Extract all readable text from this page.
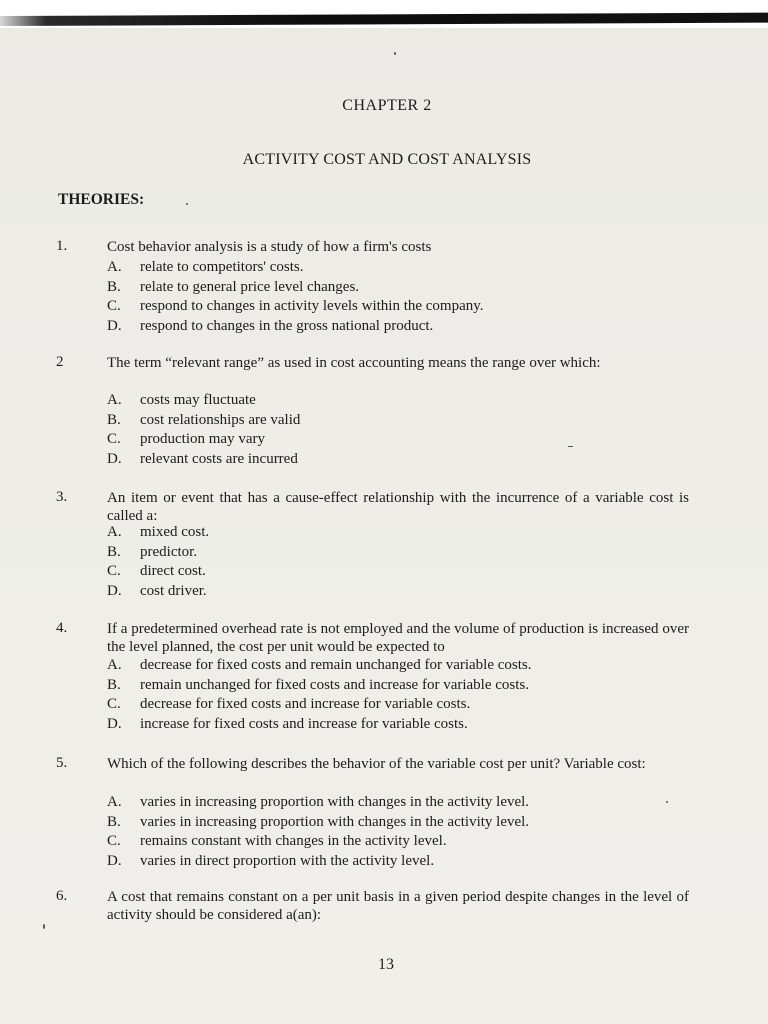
CHAPTER 2
ACTIVITY COST AND COST ANALYSIS
THEORIES:
1.	Cost behavior analysis is a study of how a firm's costs
A.	relate to competitors' costs.
B.	relate to general price level changes.
C.	respond to changes in activity levels within the company.
D.	respond to changes in the gross national product.
2	The term “relevant range” as used in cost accounting means the range over which:
A.	costs may fluctuate
B.	cost relationships are valid
C.	production may vary
D.	relevant costs are incurred
3.	An item or event that has a cause-effect relationship with the incurrence of a variable cost is called a:
A.	mixed cost.
B.	predictor.
C.	direct cost.
D.	cost driver.
4.	If a predetermined overhead rate is not employed and the volume of production is increased over the level planned, the cost per unit would be expected to
A.	decrease for fixed costs and remain unchanged for variable costs.
B.	remain unchanged for fixed costs and increase for variable costs.
C.	decrease for fixed costs and increase for variable costs.
D.	increase for fixed costs and increase for variable costs.
5.	Which of the following describes the behavior of the variable cost per unit? Variable cost:
A.	varies in increasing proportion with changes in the activity level.
B.	varies in increasing proportion with changes in the activity level.
C.	remains constant with changes in the activity level.
D.	varies in direct proportion with the activity level.
6.	A cost that remains constant on a per unit basis in a given period despite changes in the level of activity should be considered a(an):
13
